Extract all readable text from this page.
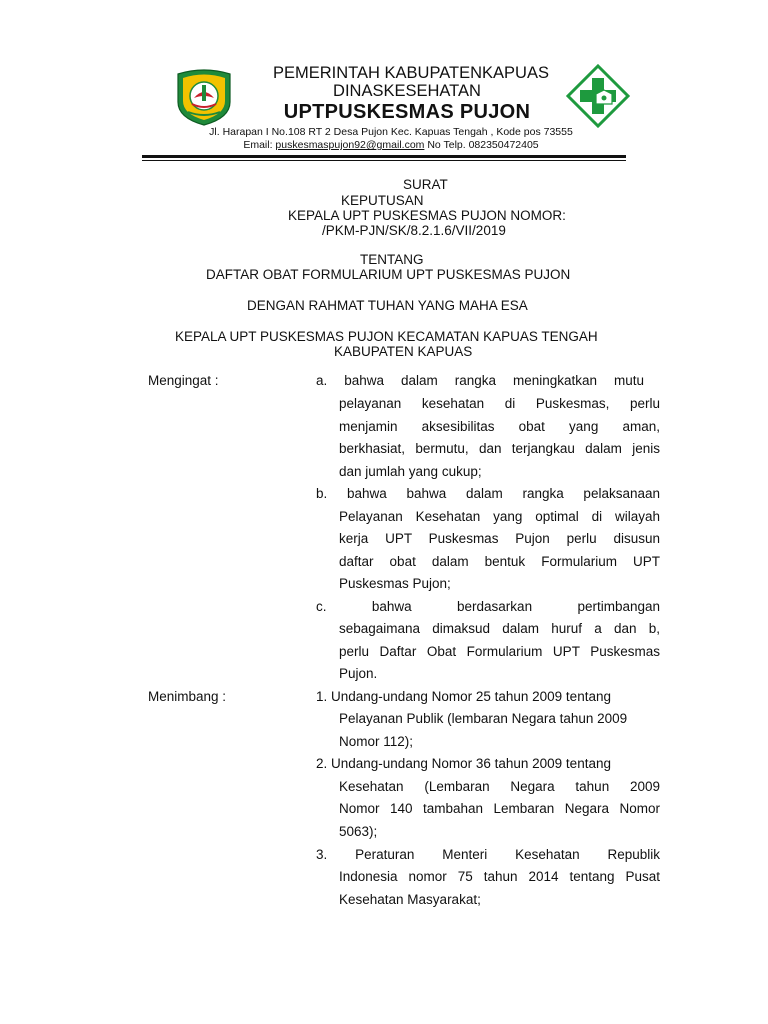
PEMERINTAH KABUPATENKAPUAS
DINASKESEHATAN
UPTPUSKESMAS PUJON
Jl. Harapan I No.108 RT 2 Desa Pujon Kec. Kapuas Tengah , Kode pos 73555
Email: puskesmaspujon92@gmail.com No Telp. 082350472405
SURAT
KEPUTUSAN
KEPALA UPT PUSKESMAS PUJON NOMOR:
/PKM-PJN/SK/8.2.1.6/VII/2019
TENTANG
DAFTAR OBAT FORMULARIUM UPT PUSKESMAS PUJON
DENGAN RAHMAT TUHAN YANG MAHA ESA
KEPALA UPT PUSKESMAS PUJON KECAMATAN KAPUAS TENGAH
KABUPATEN KAPUAS
Mengingat :	a. bahwa dalam rangka meningkatkan mutu
pelayanan kesehatan di Puskesmas, perlu
menjamin aksesibilitas obat yang aman,
berkhasiat, bermutu, dan terjangkau dalam jenis
dan jumlah yang cukup;
b. bahwa bahwa dalam rangka pelaksanaan
Pelayanan Kesehatan yang optimal di wilayah
kerja UPT Puskesmas Pujon perlu disusun
daftar obat dalam bentuk Formularium UPT
Puskesmas Pujon;
c. bahwa berdasarkan pertimbangan
sebagaimana dimaksud dalam huruf a dan b,
perlu Daftar Obat Formularium UPT Puskesmas
Pujon.
Menimbang :	1. Undang-undang Nomor 25 tahun 2009 tentang
Pelayanan Publik (lembaran Negara tahun 2009
Nomor 112);
2. Undang-undang Nomor 36 tahun 2009 tentang
Kesehatan (Lembaran Negara tahun 2009
Nomor 140 tambahan Lembaran Negara Nomor
5063);
3. Peraturan Menteri Kesehatan Republik
Indonesia nomor 75 tahun 2014 tentang Pusat
Kesehatan Masyarakat;
